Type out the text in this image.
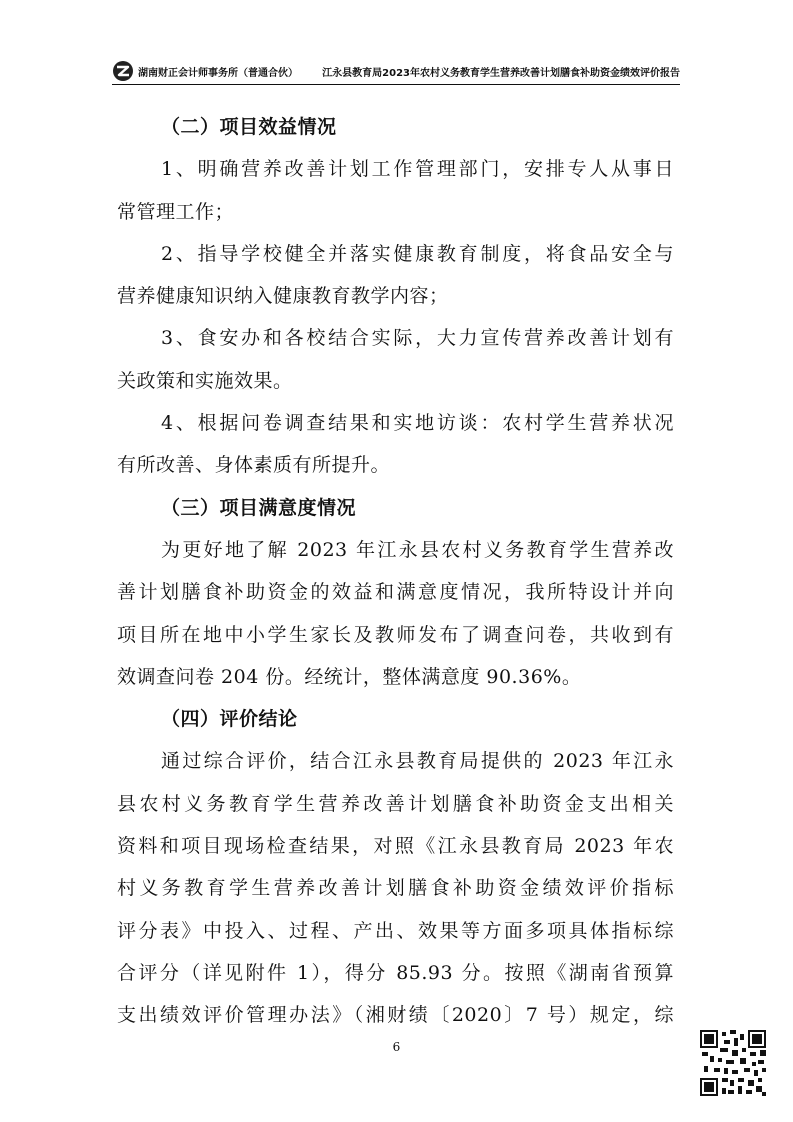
湖南财正会计师事务所（普通合伙） 江永县教育局2023年农村义务教育学生营养改善计划膳食补助资金绩效评价报告
（二）项目效益情况
1、明确营养改善计划工作管理部门，安排专人从事日
常管理工作；
2、指导学校健全并落实健康教育制度，将食品安全与
营养健康知识纳入健康教育教学内容；
3、食安办和各校结合实际，大力宣传营养改善计划有
关政策和实施效果。
4、根据问卷调查结果和实地访谈：农村学生营养状况
有所改善、身体素质有所提升。
（三）项目满意度情况
为更好地了解 2023 年江永县农村义务教育学生营养改
善计划膳食补助资金的效益和满意度情况，我所特设计并向
项目所在地中小学生家长及教师发布了调查问卷，共收到有
效调查问卷 204 份。经统计，整体满意度 90.36%。
（四）评价结论
通过综合评价，结合江永县教育局提供的 2023 年江永
县农村义务教育学生营养改善计划膳食补助资金支出相关
资料和项目现场检查结果，对照《江永县教育局 2023 年农
村义务教育学生营养改善计划膳食补助资金绩效评价指标
评分表》中投入、过程、产出、效果等方面多项具体指标综
合评分（详见附件 1），得分 85.93 分。按照《湖南省预算
支出绩效评价管理办法》（湘财绩〔2020〕7 号）规定，综
6
